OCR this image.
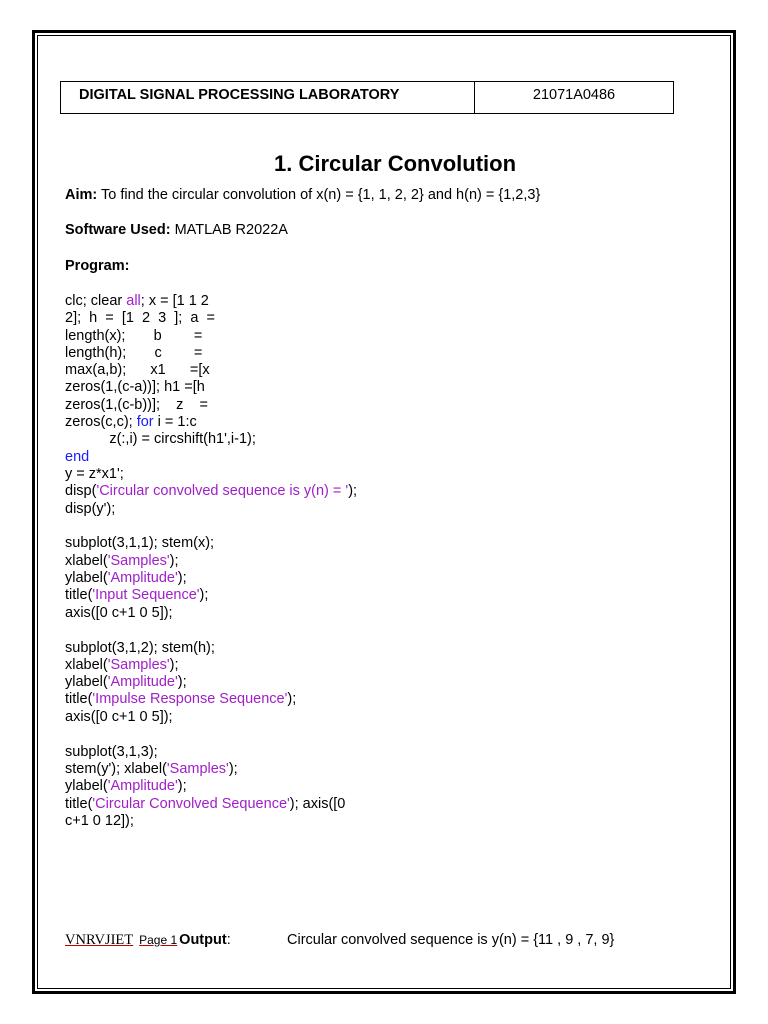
DIGITAL SIGNAL PROCESSING LABORATORY	21071A0486
1. Circular Convolution
Aim: To find the circular convolution of x(n) = {1, 1, 2, 2} and h(n) = {1,2,3}
Software Used: MATLAB R2022A
Program:
clc; clear all; x = [1 1 2
2];  h  =  [1  2  3  ];  a  =
length(x);       b        =
length(h);       c        =
max(a,b);      x1      =[x
zeros(1,(c-a))]; h1 =[h
zeros(1,(c-b))];    z    =
zeros(c,c); for i = 1:c
z(:,i) = circshift(h1',i-1);
end
y = z*x1';
disp('Circular convolved sequence is y(n) = ');
disp(y');
subplot(3,1,1); stem(x);
xlabel('Samples');
ylabel('Amplitude');
title('Input Sequence');
axis([0 c+1 0 5]);
subplot(3,1,2); stem(h);
xlabel('Samples');
ylabel('Amplitude');
title('Impulse Response Sequence');
axis([0 c+1 0 5]);
subplot(3,1,3);
stem(y'); xlabel('Samples');
ylabel('Amplitude');
title('Circular Convolved Sequence'); axis([0
c+1 0 12]);
VNRVJIET Page 1 Output:	Circular convolved sequence is y(n) = {11 , 9 , 7, 9}
